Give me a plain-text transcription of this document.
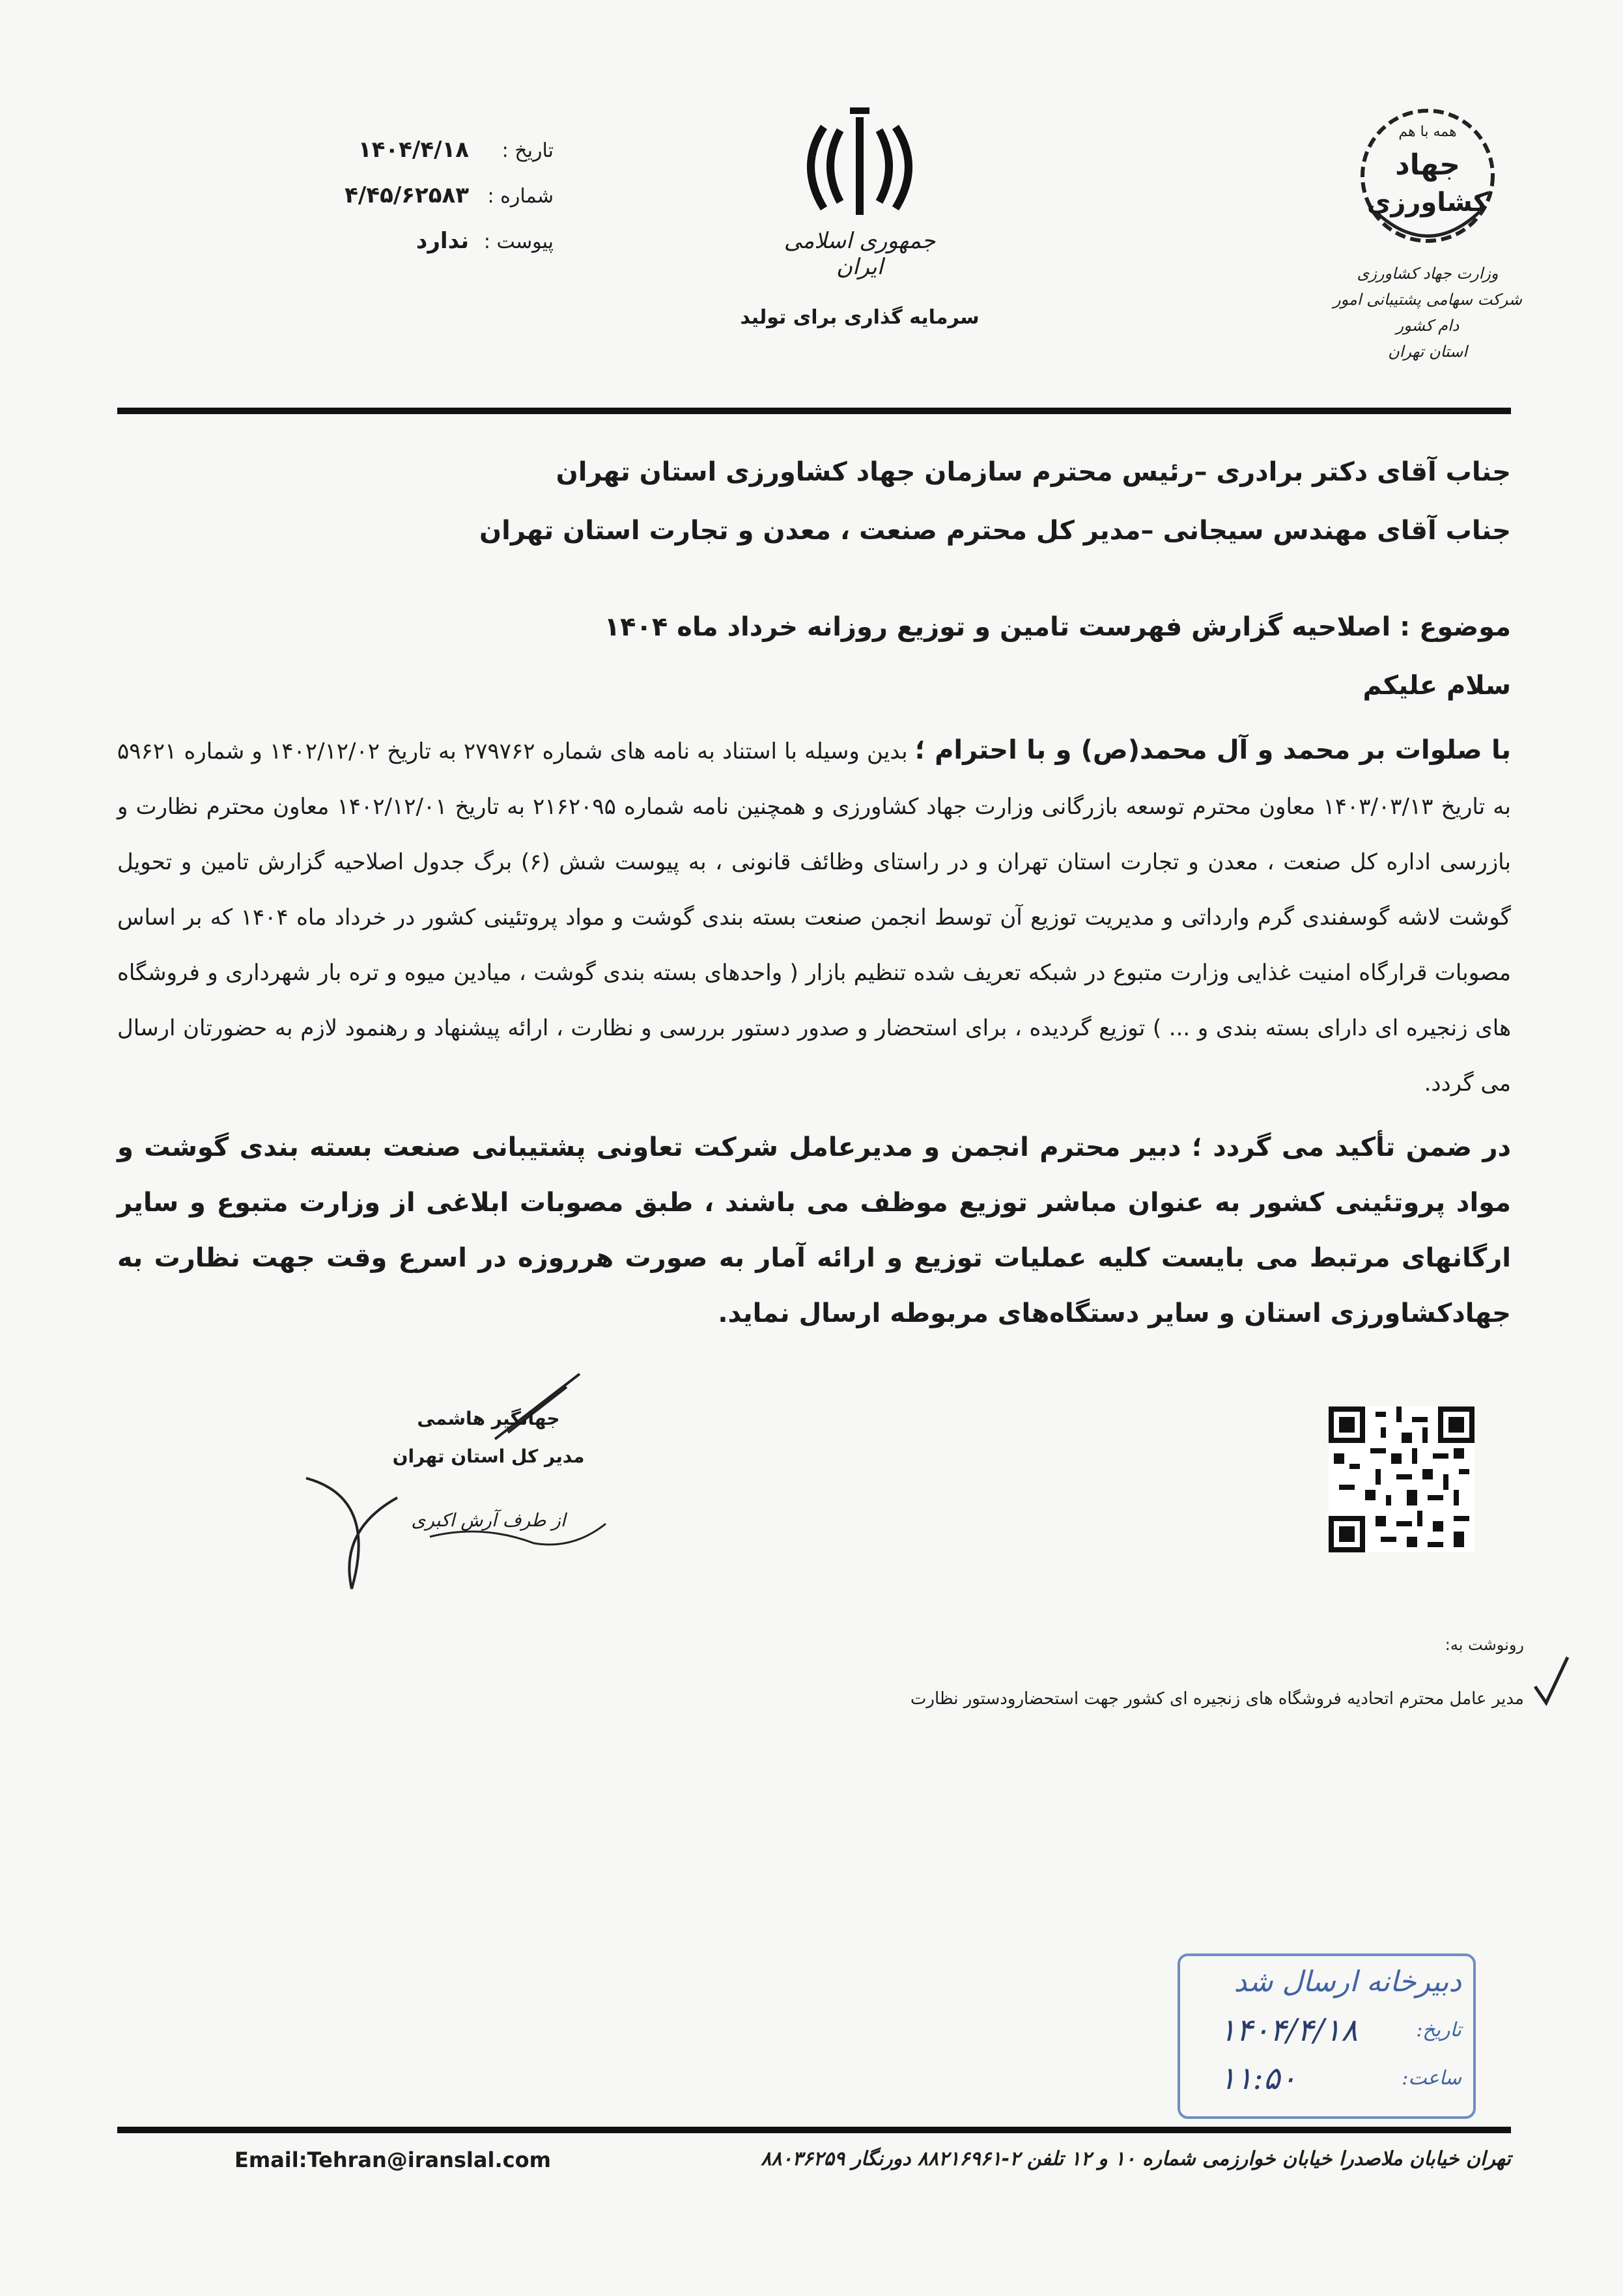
همه با هم
جهاد
کشاورزی
وزارت جهاد کشاورزی
شرکت سهامی پشتیبانی امور دام کشور
استان تهران
جمهوری اسلامی ایران
سرمایه گذاری برای تولید
تاریخ :
۱۴۰۴/۴/۱۸
شماره :
۴/۴۵/۶۲۵۸۳
پیوست :
ندارد
جناب آقای دکتر برادری –رئیس محترم سازمان جهاد کشاورزی استان تهران
جناب آقای مهندس سیجانی –مدیر کل محترم صنعت ، معدن و تجارت استان تهران
موضوع : اصلاحیه گزارش فهرست تامین و توزیع روزانه خرداد ماه ۱۴۰۴
سلام علیکم
با صلوات بر محمد و آل محمد(ص) و با احترام ؛ بدین وسیله با استناد به نامه های شماره ۲۷۹۷۶۲ به تاریخ ۱۴۰۲/۱۲/۰۲ و شماره ۵۹۶۲۱ به تاریخ ۱۴۰۳/۰۳/۱۳ معاون محترم توسعه بازرگانی وزارت جهاد کشاورزی و همچنین نامه شماره ۲۱۶۲۰۹۵ به تاریخ ۱۴۰۲/۱۲/۰۱ معاون محترم نظارت و بازرسی اداره کل صنعت ، معدن و تجارت استان تهران و در راستای وظائف قانونی ، به پیوست شش (۶) برگ جدول اصلاحیه گزارش تامین و تحویل گوشت لاشه گوسفندی گرم وارداتی و مدیریت توزیع آن توسط انجمن صنعت بسته بندی گوشت و مواد پروتئینی کشور در خرداد ماه ۱۴۰۴ که بر اساس مصوبات قرارگاه امنیت غذایی وزارت متبوع در شبکه تعریف شده تنظیم بازار ( واحدهای بسته بندی گوشت ، میادین میوه و تره بار شهرداری و فروشگاه های زنجیره ای دارای بسته بندی و ... ) توزیع گردیده ، برای استحضار و صدور دستور بررسی و نظارت ، ارائه پیشنهاد و رهنمود لازم به حضورتان ارسال می گردد.
در ضمن تأکید می گردد ؛ دبیر محترم انجمن و مدیرعامل شرکت تعاونی پشتیبانی صنعت بسته بندی گوشت و مواد پروتئینی کشور به عنوان مباشر توزیع موظف می باشند ، طبق مصوبات ابلاغی از وزارت متبوع و سایر ارگانهای مرتبط می بایست کلیه عملیات توزیع و ارائه آمار به صورت هرروزه در اسرع وقت جهت نظارت به جهادکشاورزی استان و سایر دستگاه‌های مربوطه ارسال نماید.
جهانگیر هاشمی
مدیر کل استان تهران
از طرف آرش اکبری
رونوشت به:
مدیر عامل محترم اتحادیه فروشگاه های زنجیره ای کشور جهت استحضارودستور نظارت
دبیرخانه ارسال شد
تاریخ:
۱۴۰۴/۴/۱۸
ساعت:
۱۱:۵۰
Email:Tehran@iranslal.com	تهران خیابان ملاصدرا خیابان خوارزمی شماره ۱۰ و ۱۲ تلفن ۲-۸۸۲۱۶۹۶۱ دورنگار ۸۸۰۳۶۲۵۹
